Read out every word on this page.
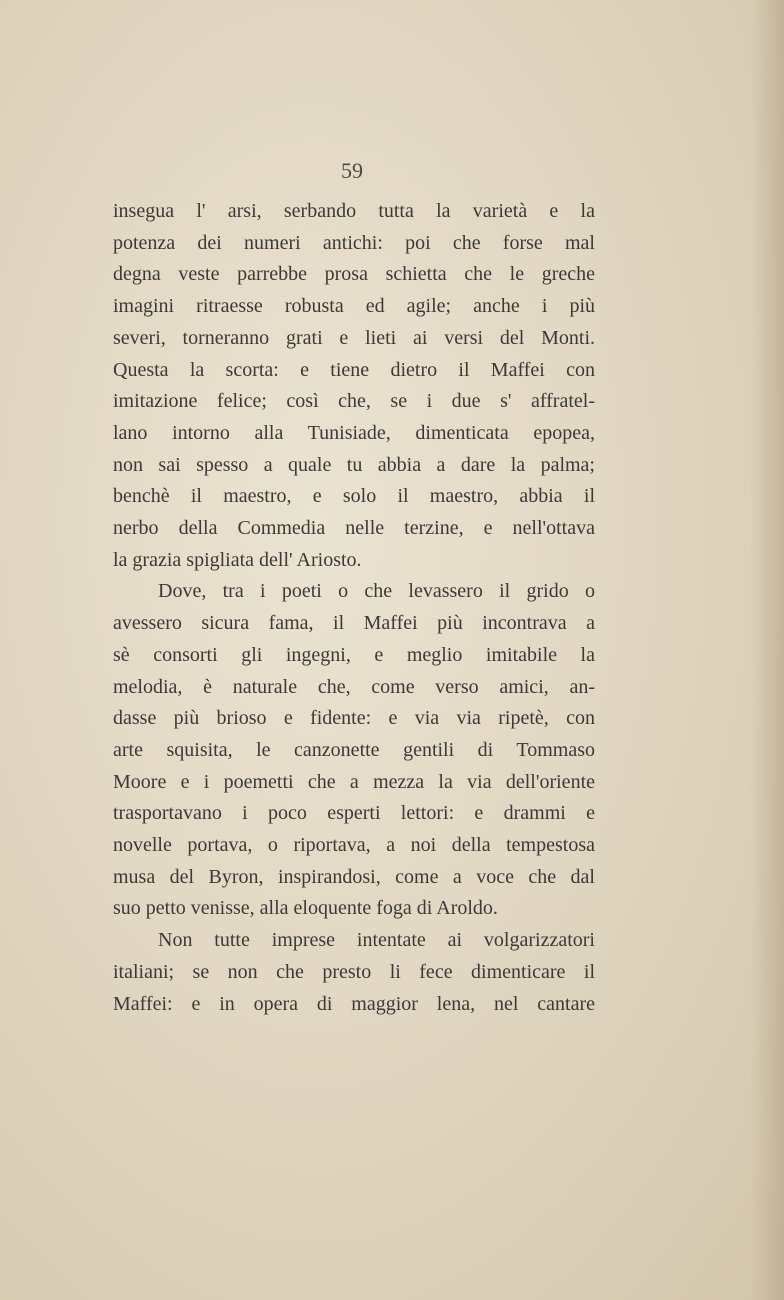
59
insegua l' arsi, serbando tutta la varietà e la
potenza dei numeri antichi: poi che forse mal
degna veste parrebbe prosa schietta che le greche
imagini ritraesse robusta ed agile; anche i più
severi, torneranno grati e lieti ai versi del Monti.
Questa la scorta: e tiene dietro il Maffei con
imitazione felice; così che, se i due s' affratel-
lano intorno alla Tunisiade, dimenticata epopea,
non sai spesso a quale tu abbia a dare la palma;
benchè il maestro, e solo il maestro, abbia il
nerbo della Commedia nelle terzine, e nell'ottava
la grazia spigliata dell' Ariosto.
Dove, tra i poeti o che levassero il grido o
avessero sicura fama, il Maffei più incontrava a
sè consorti gli ingegni, e meglio imitabile la
melodia, è naturale che, come verso amici, an-
dasse più brioso e fidente: e via via ripetè, con
arte squisita, le canzonette gentili di Tommaso
Moore e i poemetti che a mezza la via dell'oriente
trasportavano i poco esperti lettori: e drammi e
novelle portava, o riportava, a noi della tempestosa
musa del Byron, inspirandosi, come a voce che dal
suo petto venisse, alla eloquente foga di Aroldo.
Non tutte imprese intentate ai volgarizzatori
italiani; se non che presto li fece dimenticare il
Maffei: e in opera di maggior lena, nel cantare
